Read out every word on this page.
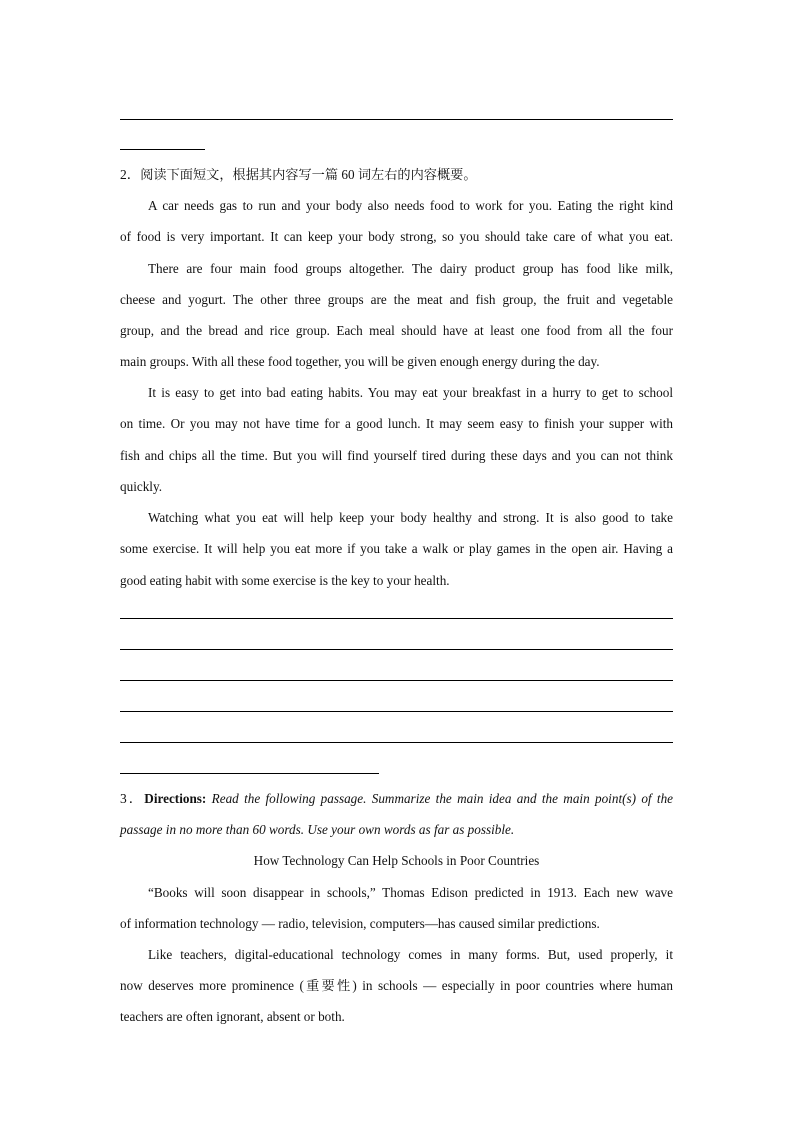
2．阅读下面短文，根据其内容写一篇 60 词左右的内容概要。
A car needs gas to run and your body also needs food to work for you. Eating the right kind
of food is very important. It can keep your body strong, so you should take care of what you eat.
There are four main food groups altogether. The dairy product group has food like milk,
cheese and yogurt. The other three groups are the meat and fish group, the fruit and vegetable
group, and the bread and rice group. Each meal should have at least one food from all the four
main groups. With all these food together, you will be given enough energy during the day.
It is easy to get into bad eating habits. You may eat your breakfast in a hurry to get to school
on time. Or you may not have time for a good lunch. It may seem easy to finish your supper with
fish and chips all the time. But you will find yourself tired during these days and you can not think
quickly.
Watching what you eat will help keep your body healthy and strong. It is also good to take
some exercise. It will help you eat more if you take a walk or play games in the open air. Having a
good eating habit with some exercise is the key to your health.
3．Directions: Read the following passage. Summarize the main idea and the main point(s) of the
passage in no more than 60 words. Use your own words as far as possible.
How Technology Can Help Schools in Poor Countries
“Books will soon disappear in schools,” Thomas Edison predicted in 1913. Each new wave
of information technology — radio, television, computers—has caused similar predictions.
Like teachers, digital-educational technology comes in many forms. But, used properly, it
now deserves more prominence (重要性) in schools — especially in poor countries where human
teachers are often ignorant, absent or both.
